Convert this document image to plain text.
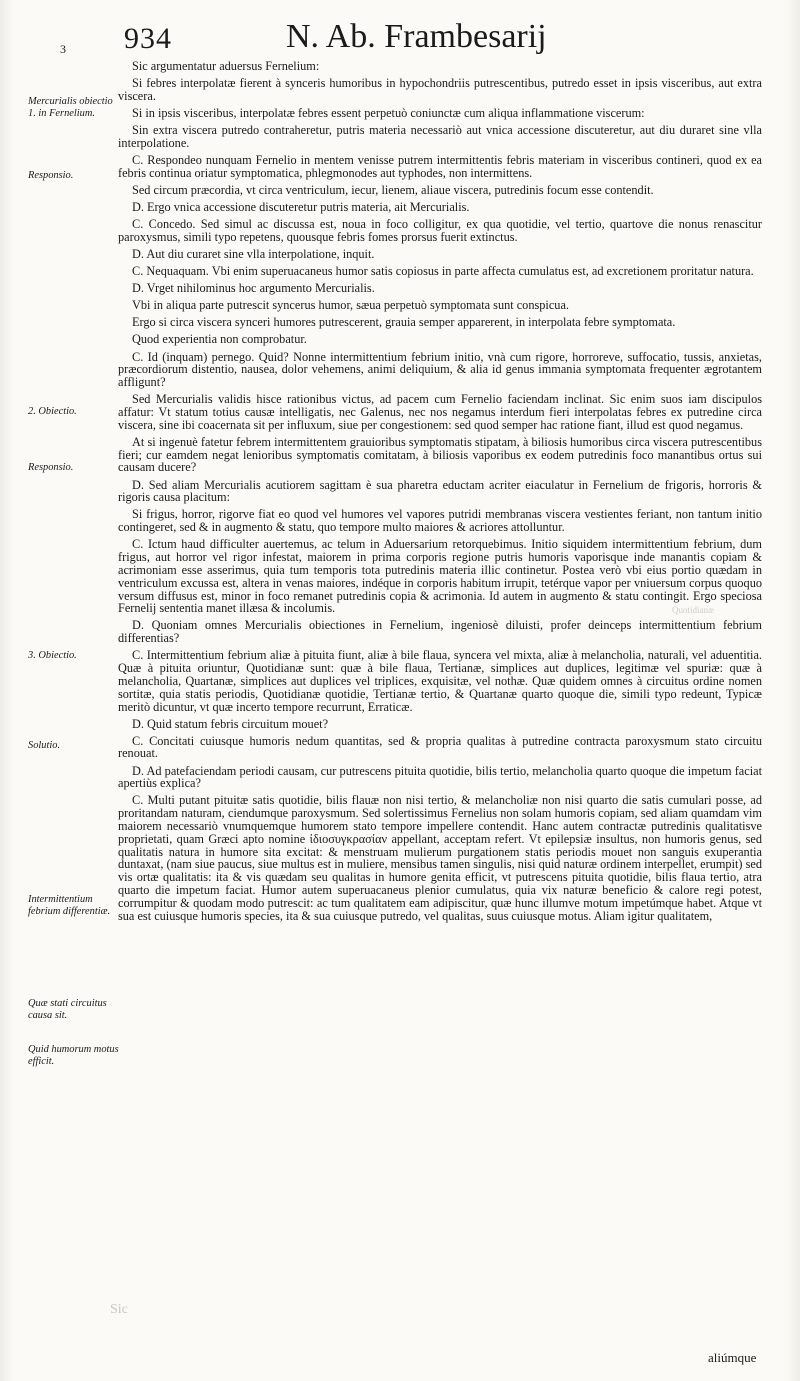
3 934	N. Ab. Frambesarij
Mercurialis obiectio 1. in Fernelium.
Responsio.
2. Obiectio.
Responsio.
3. Obiectio.
Solutio.
Intermittentium febrium differentiæ.
Quæ stati circuitus causa sit.
Quid humorum motus efficit.

Sic argumentatur aduersus Fernelium:

Si febres interpolatæ fierent à synceris humoribus in hypochondriis putrescentibus, putredo esset in ipsis visceribus, aut extra viscera.

Si in ipsis visceribus, interpolatæ febres essent perpetuò coniunctæ cum aliqua inflammatione viscerum:

Sin extra viscera putredo contraheretur, putris materia necessariò aut vnica accessione discuteretur, aut diu duraret sine vlla interpolatione.

C. Respondeo nunquam Fernelio in mentem venisse putrem intermittentis febris materiam in visceribus contineri, quod ex ea febris continua oriatur symptomatica, phlegmonodes aut typhodes, non intermittens.

Sed circum præcordia, vt circa ventriculum, iecur, lienem, aliaue viscera, putredinis focum esse contendit.

D. Ergo vnica accessione discuteretur putris materia, ait Mercurialis.

C. Concedo. Sed simul ac discussa est, noua in foco colligitur, ex qua quotidie, vel tertio, quartove die nonus renascitur paroxysmus, simili typo repetens, quousque febris fomes prorsus fuerit extinctus.

D. Aut diu curaret sine vlla interpolatione, inquit.

C. Nequaquam. Vbi enim superuacaneus humor satis copiosus in parte affecta cumulatus est, ad excretionem proritatur natura.

D. Vrget nihilominus hoc argumento Mercurialis.

Vbi in aliqua parte putrescit syncerus humor, sæua perpetuò symptomata sunt conspicua.

Ergo si circa viscera synceri humores putrescerent, grauia semper apparerent, in interpolata febre symptomata.

Quod experientia non comprobatur.

C. Id (inquam) pernego. Quid? Nonne intermittentium febrium initio, vnà cum rigore, horroreve, suffocatio, tussis, anxietas, præcordiorum distentio, nausea, dolor vehemens, animi deliquium, & alia id genus immania symptomata frequenter ægrotantem affligunt?

Sed Mercurialis validis hisce rationibus victus, ad pacem cum Fernelio faciendam inclinat. Sic enim suos iam discipulos affatur: Vt statum totius causæ intelligatis, nec Galenus, nec nos negamus interdum fieri interpolatas febres ex putredine circa viscera, sine ibi coacernata sit per influxum, siue per congestionem: sed quod semper hac ratione fiant, illud est quod negamus.

At si ingenuè fatetur febrem intermittentem grauioribus symptomatis stipatam, à biliosis humoribus circa viscera putrescentibus fieri; cur eamdem negat lenioribus symptomatis comitatam, à biliosis vaporibus ex eodem putredinis foco manantibus ortus sui causam ducere?

D. Sed aliam Mercurialis acutiorem sagittam è sua pharetra eductam acriter eiaculatur in Fernelium de frigoris, horroris & rigoris causa placitum:

Si frigus, horror, rigorve fiat eo quod vel humores vel vapores putridi membranas viscera vestientes feriant, non tantum initio contingeret, sed & in augmento & statu, quo tempore multo maiores & acriores attolluntur.

C. Ictum haud difficulter auertemus, ac telum in Aduersarium retorquebimus. Initio siquidem intermittentium febrium, dum frigus, aut horror vel rigor infestat, maiorem in prima corporis regione putris humoris vaporisque inde manantis copiam & acrimoniam esse asserimus, quia tum temporis tota putredinis materia illic continetur. Postea verò vbi eius portio quædam in ventriculum excussa est, altera in venas maiores, indéque in corporis habitum irrupit, tetérque vapor per vniuersum corpus quoquo versum diffusus est, minor in foco remanet putredinis copia & acrimonia. Id autem in augmento & statu contingit. Ergo speciosa Fernelij sententia manet illæsa & incolumis.

D. Quoniam omnes Mercurialis obiectiones in Fernelium, ingeniosè diluisti, profer deinceps intermittentium febrium differentias?

C. Intermittentium febrium aliæ à pituita fiunt, aliæ à bile flaua, syncera vel mixta, aliæ à melancholia, naturali, vel aduentitia. Quæ à pituita oriuntur, Quotidianæ sunt: quæ à bile flaua, Tertianæ, simplices aut duplices, legitimæ vel spuriæ: quæ à melancholia, Quartanæ, simplices aut duplices vel triplices, exquisitæ, vel nothæ. Quæ quidem omnes à circuitus ordine nomen sortitæ, quia statis periodis, Quotidianæ quotidie, Tertianæ tertio, & Quartanæ quarto quoque die, simili typo redeunt, Typicæ meritò dicuntur, vt quæ incerto tempore recurrunt, Erraticæ.

D. Quid statum febris circuitum mouet?

C. Concitati cuiusque humoris nedum quantitas, sed & propria qualitas à putredine contracta paroxysmum stato circuitu renouat.

D. Ad patefaciendam periodi causam, cur putrescens pituita quotidie, bilis tertio, melancholia quarto quoque die impetum faciat apertiùs explica?

C. Multi putant pituitæ satis quotidie, bilis flauæ non nisi tertio, & melancholiæ non nisi quarto die satis cumulari posse, ad proritandam naturam, ciendumque paroxysmum. Sed solertissimus Fernelius non solam humoris copiam, sed aliam quamdam vim maiorem necessariò vnumquemque humorem stato tempore impellere contendit. Hanc autem contractæ putredinis qualitatisve proprietati, quam Græci apto nomine ἰδιοσυγκρασίαν appellant, acceptam refert. Vt epilepsiæ insultus, non humoris genus, sed qualitatis natura in humore sita excitat: & menstruam mulierum purgationem statis periodis mouet non sanguis exuperantia duntaxat, (nam siue paucus, siue multus est in muliere, mensibus tamen singulis, nisi quid naturæ ordinem interpellet, erumpit) sed vis ortæ qualitatis: ita & vis quædam seu qualitas in humore genita efficit, vt putrescens pituita quotidie, bilis flaua tertio, atra quarto die impetum faciat. Humor autem superuacaneus plenior cumulatus, quia vix naturæ beneficio & calore regi potest, corrumpitur & quodam modo putrescit: ac tum qualitatem eam adipiscitur, quæ hunc illumve motum impetúmque habet. Atque vt sua est cuiusque humoris species, ita & sua cuiusque putredo, vel qualitas, suus cuiusque motus. Aliam igitur qualitatem,

Quotidianæ
Sic
aliúmque
